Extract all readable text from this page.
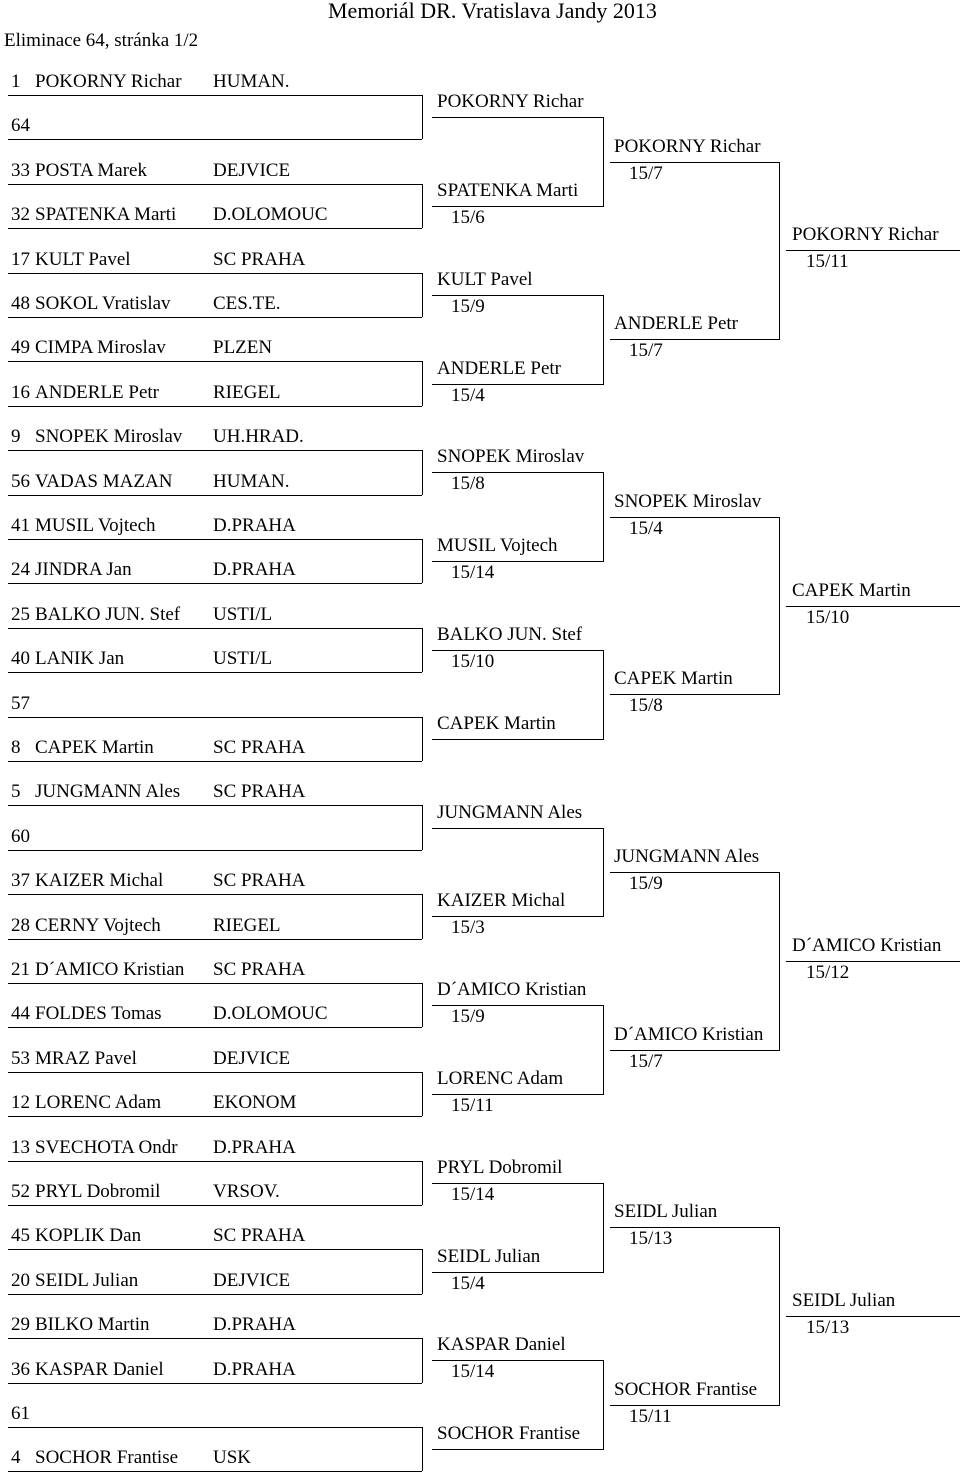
Memoriál DR. Vratislava Jandy 2013
Eliminace 64, stránka 1/2
1 POKORNY Richar HUMAN.
64
33 POSTA Marek	DEJVICE
32 SPATENKA Marti D.OLOMOUC
17 KULT Pavel	SC PRAHA
48 SOKOL Vratislav CES.TE.
49 CIMPA Miroslav PLZEN
16 ANDERLE Petr	RIEGEL
9 SNOPEK Miroslav UH.HRAD.
56 VADAS MAZAN HUMAN.
41 MUSIL Vojtech	D.PRAHA
24 JINDRA Jan	D.PRAHA
25 BALKO JUN. Stef USTI/L
40 LANIK Jan	USTI/L
57
8 CAPEK Martin	SC PRAHA
5 JUNGMANN Ales SC PRAHA
60
37 KAIZER Michal	SC PRAHA
28 CERNY Vojtech	RIEGEL
21 D´AMICO Kristian SC PRAHA
44 FOLDES Tomas	D.OLOMOUC
53 MRAZ Pavel	DEJVICE
12 LORENC Adam	EKONOM
13 SVECHOTA Ondr D.PRAHA
52 PRYL Dobromil	VRSOV.
45 KOPLIK Dan	SC PRAHA
20 SEIDL Julian	DEJVICE
29 BILKO Martin	D.PRAHA
36 KASPAR Daniel	D.PRAHA
61
4 SOCHOR Frantise USK
POKORNY Richar
SPATENKA Marti
15/6
KULT Pavel
15/9
ANDERLE Petr
15/4
SNOPEK Miroslav
15/8
MUSIL Vojtech
15/14
BALKO JUN. Stef
15/10
CAPEK Martin
JUNGMANN Ales
KAIZER Michal
15/3
D´AMICO Kristian
15/9
LORENC Adam
15/11
PRYL Dobromil
15/14
SEIDL Julian
15/4
KASPAR Daniel
15/14
SOCHOR Frantise
POKORNY Richar
15/7
ANDERLE Petr
15/7
SNOPEK Miroslav
15/4
CAPEK Martin
15/8
JUNGMANN Ales
15/9
D´AMICO Kristian
15/7
SEIDL Julian
15/13
SOCHOR Frantise
15/11
POKORNY Richar
15/11
CAPEK Martin
15/10
D´AMICO Kristian
15/12
SEIDL Julian
15/13
